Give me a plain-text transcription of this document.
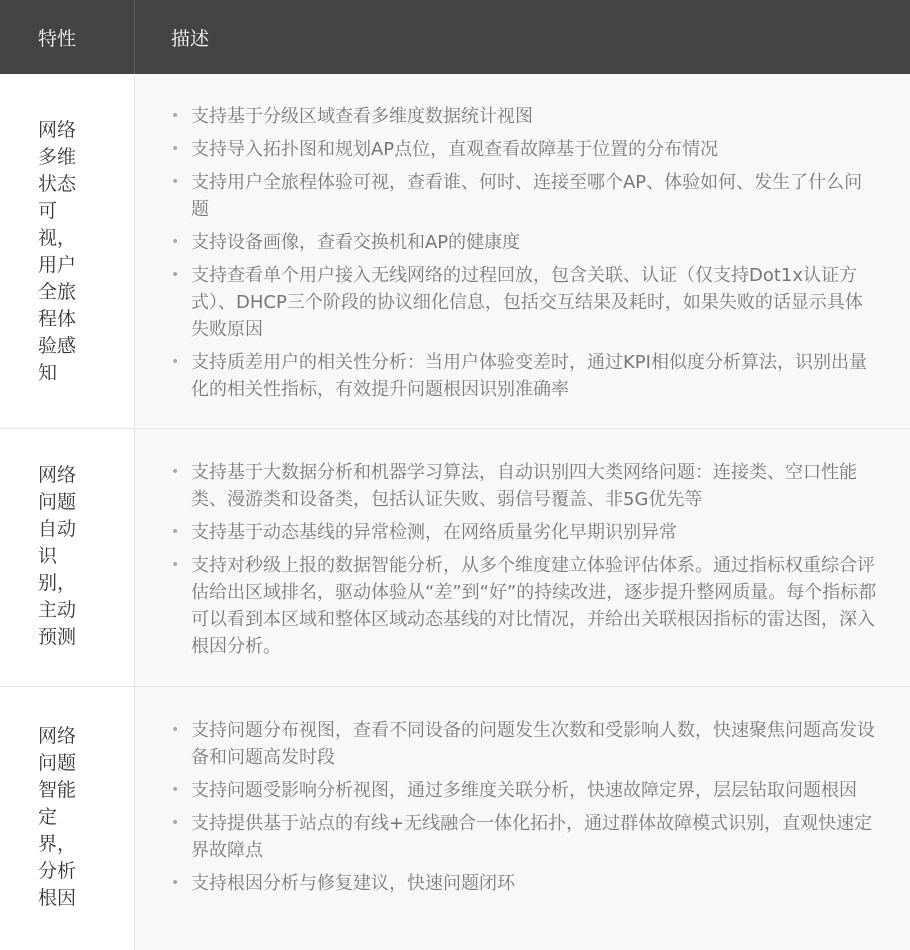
特性	描述
网络多维状态可视，用户全旅程体验感知
• 支持基于分级区域查看多维度数据统计视图
• 支持导入拓扑图和规划AP点位，直观查看故障基于位置的分布情况
• 支持用户全旅程体验可视，查看谁、何时、连接至哪个AP、体验如何、发生了什么问题
• 支持设备画像，查看交换机和AP的健康度
• 支持查看单个用户接入无线网络的过程回放，包含关联、认证（仅支持Dot1x认证方式）、DHCP三个阶段的协议细化信息，包括交互结果及耗时，如果失败的话显示具体失败原因
• 支持质差用户的相关性分析：当用户体验变差时，通过KPI相似度分析算法，识别出量化的相关性指标，有效提升问题根因识别准确率
网络问题自动识别，主动预测
• 支持基于大数据分析和机器学习算法，自动识别四大类网络问题：连接类、空口性能类、漫游类和设备类，包括认证失败、弱信号覆盖、非5G优先等
• 支持基于动态基线的异常检测，在网络质量劣化早期识别异常
• 支持对秒级上报的数据智能分析，从多个维度建立体验评估体系。通过指标权重综合评估给出区域排名，驱动体验从“差”到“好”的持续改进，逐步提升整网质量。每个指标都可以看到本区域和整体区域动态基线的对比情况，并给出关联根因指标的雷达图，深入根因分析。
网络问题智能定界，分析根因
• 支持问题分布视图，查看不同设备的问题发生次数和受影响人数，快速聚焦问题高发设备和问题高发时段
• 支持问题受影响分析视图，通过多维度关联分析，快速故障定界，层层钻取问题根因
• 支持提供基于站点的有线+无线融合一体化拓扑，通过群体故障模式识别，直观快速定界故障点
• 支持根因分析与修复建议，快速问题闭环
